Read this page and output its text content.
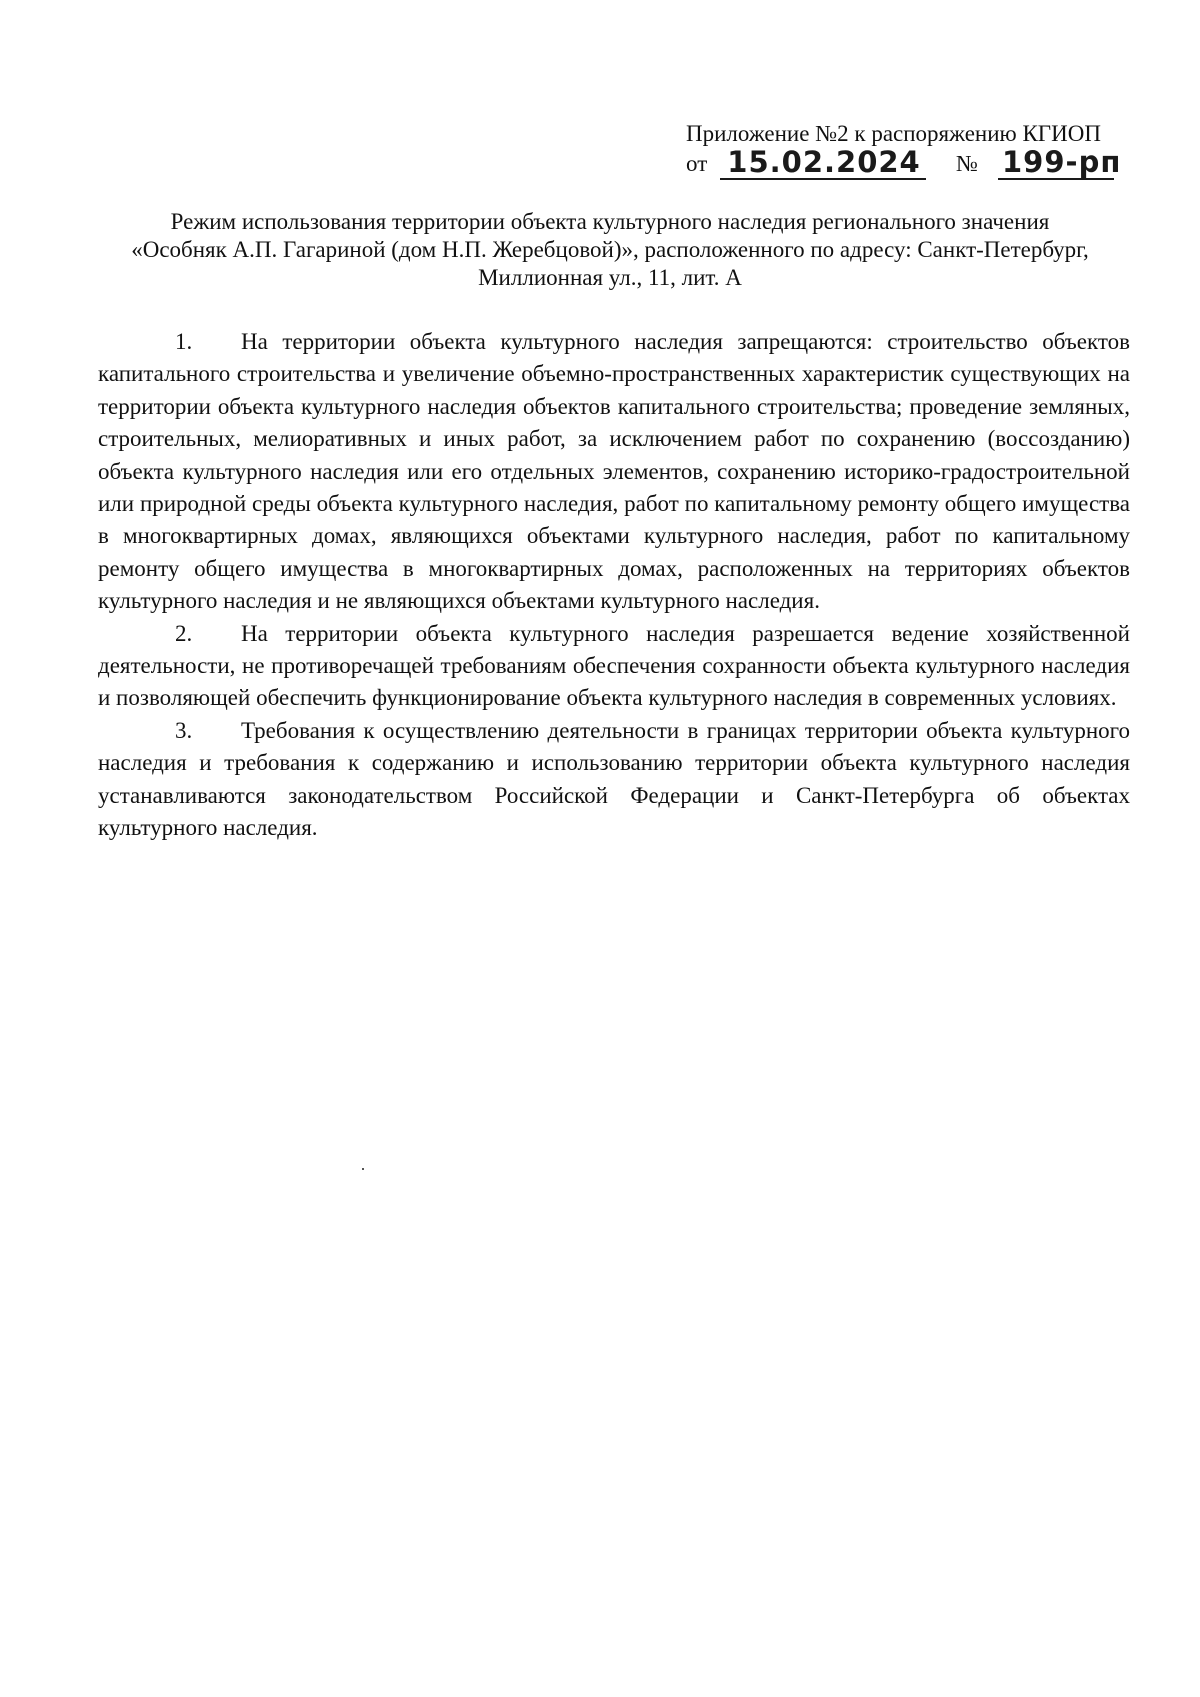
Приложение №2 к распоряжению КГИОП
от 15.02.2024 № 199-рп
Режим использования территории объекта культурного наследия регионального значения
«Особняк А.П. Гагариной (дом Н.П. Жеребцовой)», расположенного по адресу: Санкт-Петербург,
Миллионная ул., 11, лит. А

1. На территории объекта культурного наследия запрещаются: строительство объектов капитального строительства и увеличение объемно-пространственных характеристик существующих на территории объекта культурного наследия объектов капитального строительства; проведение земляных, строительных, мелиоративных и иных работ, за исключением работ по сохранению (воссозданию) объекта культурного наследия или его отдельных элементов, сохранению историко-градостроительной или природной среды объекта культурного наследия, работ по капитальному ремонту общего имущества в многоквартирных домах, являющихся объектами культурного наследия, работ по капитальному ремонту общего имущества в многоквартирных домах, расположенных на территориях объектов культурного наследия и не являющихся объектами культурного наследия.

2. На территории объекта культурного наследия разрешается ведение хозяйственной деятельности, не противоречащей требованиям обеспечения сохранности объекта культурного наследия и позволяющей обеспечить функционирование объекта культурного наследия в современных условиях.

3. Требования к осуществлению деятельности в границах территории объекта культурного наследия и требования к содержанию и использованию территории объекта культурного наследия устанавливаются законодательством Российской Федерации и Санкт-Петербурга об объектах культурного наследия.
